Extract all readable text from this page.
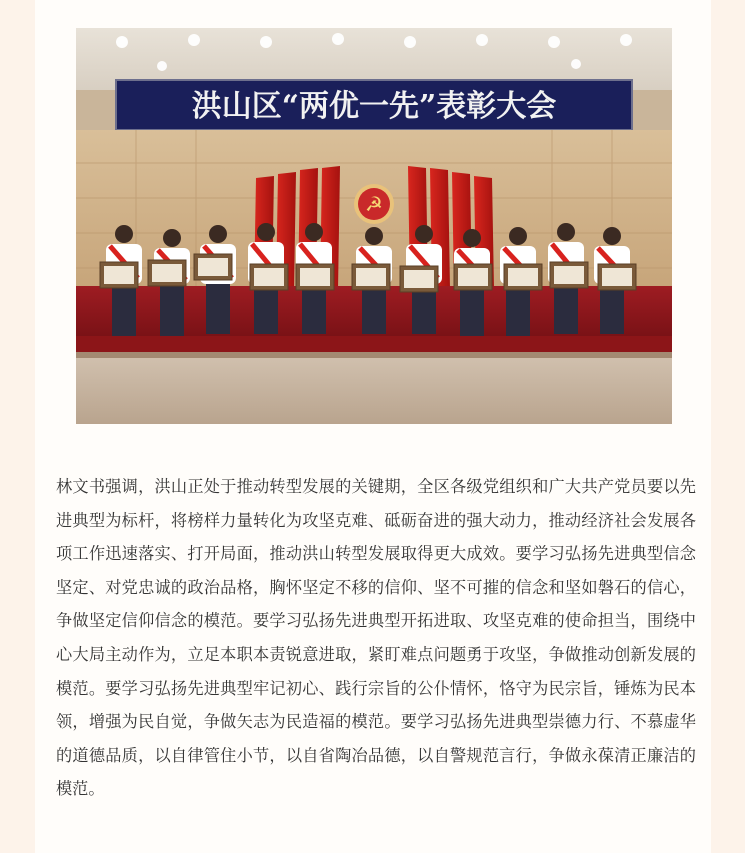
洪山区“两优一先”表彰大会
☭

林文书强调，洪山正处于推动转型发展的关键期，全区各级党组织和广大共产党员要以先进典型为标杆，将榜样力量转化为攻坚克难、砥砺奋进的强大动力，推动经济社会发展各项工作迅速落实、打开局面，推动洪山转型发展取得更大成效。要学习弘扬先进典型信念坚定、对党忠诚的政治品格，胸怀坚定不移的信仰、坚不可摧的信念和坚如磐石的信心，争做坚定信仰信念的模范。要学习弘扬先进典型开拓进取、攻坚克难的使命担当，围绕中心大局主动作为，立足本职本责锐意进取，紧盯难点问题勇于攻坚，争做推动创新发展的模范。要学习弘扬先进典型牢记初心、践行宗旨的公仆情怀，恪守为民宗旨，锤炼为民本领，增强为民自觉，争做矢志为民造福的模范。要学习弘扬先进典型崇德力行、不慕虚华的道德品质，以自律管住小节，以自省陶冶品德，以自警规范言行，争做永葆清正廉洁的模范。
